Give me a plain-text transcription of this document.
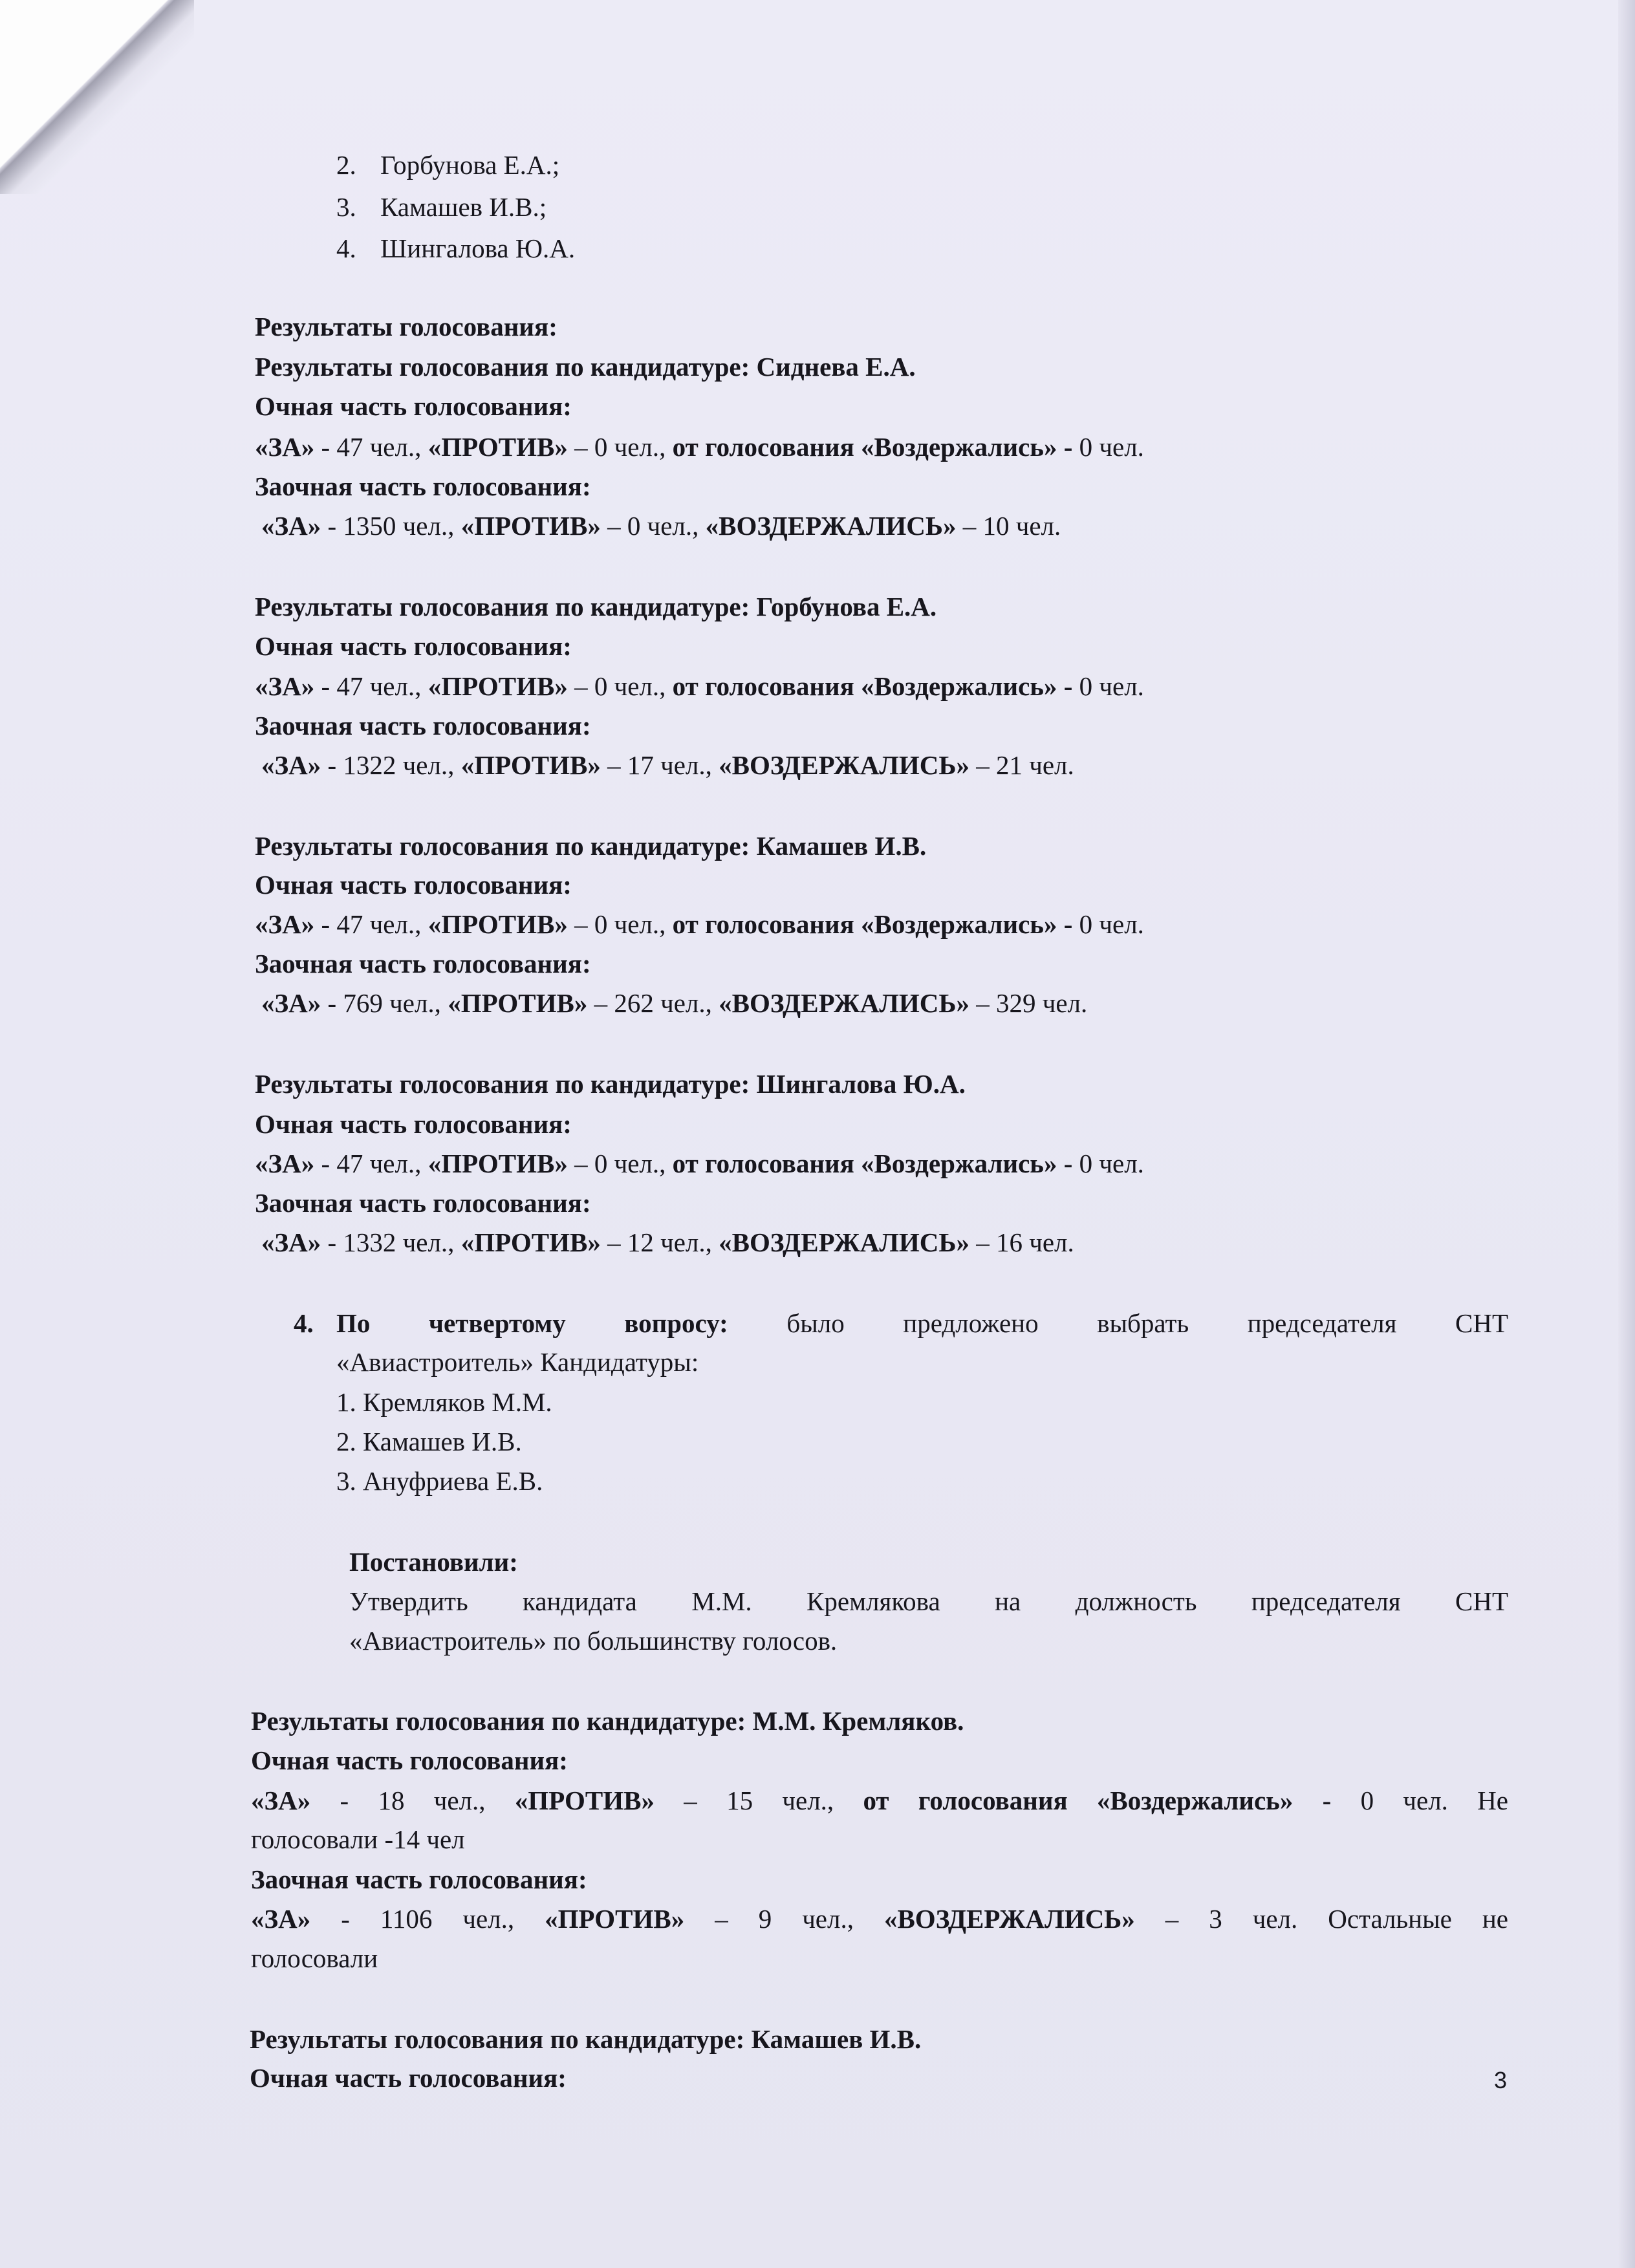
2. Горбунова Е.А.;
3. Камашев И.В.;
4. Шингалова Ю.А.
Результаты голосования:
Результаты голосования по кандидатуре: Сиднева Е.А.
Очная часть голосования:
«ЗА» - 47 чел., «ПРОТИВ» – 0 чел., от голосования «Воздержались» - 0 чел.
Заочная часть голосования:
«ЗА» - 1350 чел., «ПРОТИВ» – 0 чел., «ВОЗДЕРЖАЛИСЬ» – 10 чел.
Результаты голосования по кандидатуре: Горбунова Е.А.
Очная часть голосования:
«ЗА» - 47 чел., «ПРОТИВ» – 0 чел., от голосования «Воздержались» - 0 чел.
Заочная часть голосования:
«ЗА» - 1322 чел., «ПРОТИВ» – 17 чел., «ВОЗДЕРЖАЛИСЬ» – 21 чел.
Результаты голосования по кандидатуре: Камашев И.В.
Очная часть голосования:
«ЗА» - 47 чел., «ПРОТИВ» – 0 чел., от голосования «Воздержались» - 0 чел.
Заочная часть голосования:
«ЗА» - 769 чел., «ПРОТИВ» – 262 чел., «ВОЗДЕРЖАЛИСЬ» – 329 чел.
Результаты голосования по кандидатуре: Шингалова Ю.А.
Очная часть голосования:
«ЗА» - 47 чел., «ПРОТИВ» – 0 чел., от голосования «Воздержались» - 0 чел.
Заочная часть голосования:
«ЗА» - 1332 чел., «ПРОТИВ» – 12 чел., «ВОЗДЕРЖАЛИСЬ» – 16 чел.
4. По четвертому вопросу: было предложено выбрать председателя СНТ
«Авиастроитель» Кандидатуры:
1. Кремляков М.М.
2. Камашев И.В.
3. Ануфриева Е.В.
Постановили:
Утвердить кандидата М.М. Кремлякова на должность председателя СНТ
«Авиастроитель» по большинству голосов.
Результаты голосования по кандидатуре: М.М. Кремляков.
Очная часть голосования:
«ЗА» - 18 чел., «ПРОТИВ» – 15 чел., от голосования «Воздержались» - 0 чел. Не
голосовали -14 чел
Заочная часть голосования:
«ЗА» - 1106 чел., «ПРОТИВ» – 9 чел., «ВОЗДЕРЖАЛИСЬ» – 3 чел. Остальные не
голосовали
Результаты голосования по кандидатуре: Камашев И.В.
Очная часть голосования:	3
